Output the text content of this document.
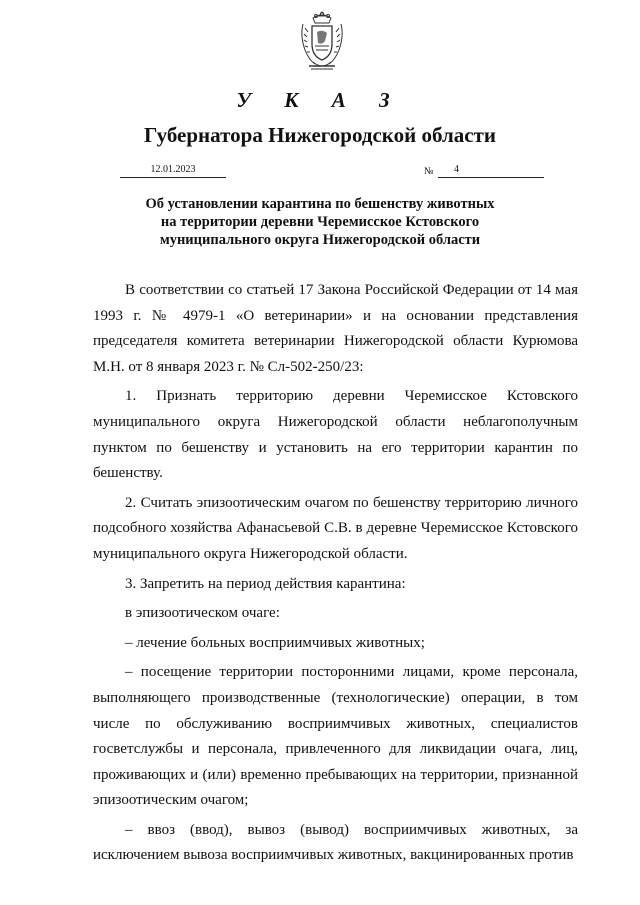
У К А З
Губернатора Нижегородской области
12.01.2023	№	4
Об установлении карантина по бешенству животных
на территории деревни Черемисское Кстовского
муниципального округа Нижегородской области

В соответствии со статьей 17 Закона Российской Федерации от 14 мая 1993 г. № 4979-1 «О ветеринарии» и на основании представления председателя комитета ветеринарии Нижегородской области Курюмова М.Н. от 8 января 2023 г. № Сл-502-250/23:

1. Признать территорию деревни Черемисское Кстовского муниципального округа Нижегородской области неблагополучным пунктом по бешенству и установить на его территории карантин по бешенству.

2. Считать эпизоотическим очагом по бешенству территорию личного подсобного хозяйства Афанасьевой С.В. в деревне Черемисское Кстовского муниципального округа Нижегородской области.

3. Запретить на период действия карантина:

в эпизоотическом очаге:

– лечение больных восприимчивых животных;

– посещение территории посторонними лицами, кроме персонала, выполняющего производственные (технологические) операции, в том числе по обслуживанию восприимчивых животных, специалистов госветслужбы и персонала, привлеченного для ликвидации очага, лиц, проживающих и (или) временно пребывающих на территории, признанной эпизоотическим очагом;

– ввоз (ввод), вывоз (вывод) восприимчивых животных, за исключением вывоза восприимчивых животных, вакцинированных против
